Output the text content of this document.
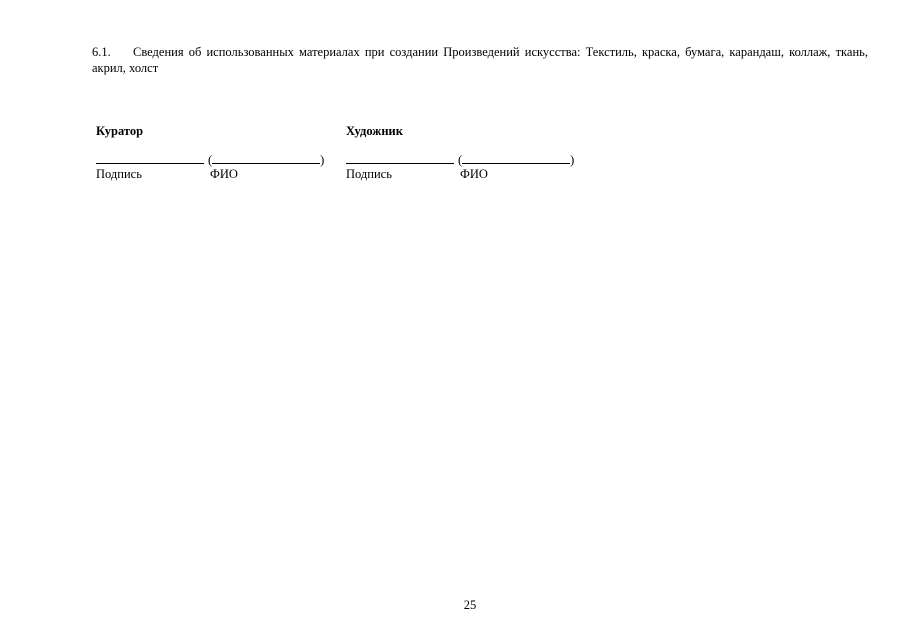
6.1. Сведения об использованных материалах при создании Произведений искусства: Текстиль, краска, бумага, карандаш, коллаж, ткань, акрил, холст
Куратор
(	)
Подпись	ФИО
Художник
(	)
Подпись	ФИО
25
